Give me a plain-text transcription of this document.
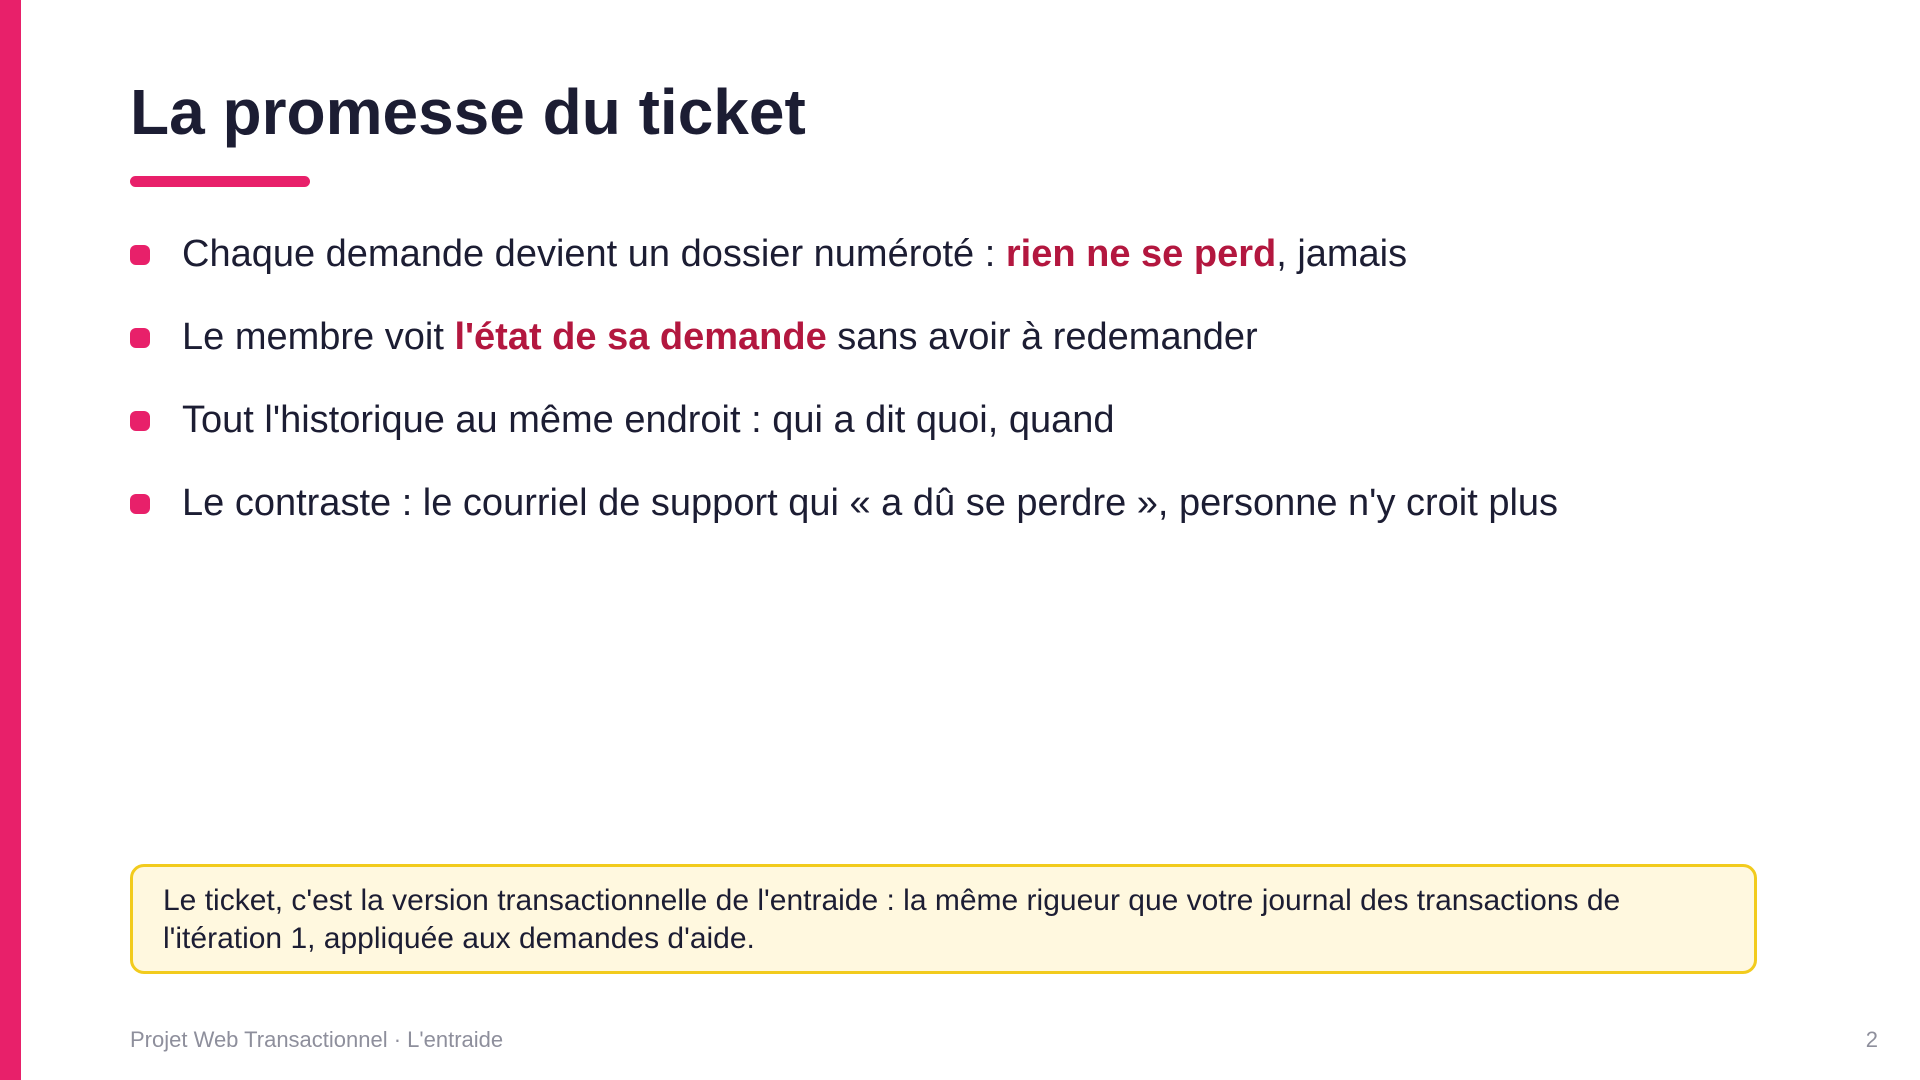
La promesse du ticket
Chaque demande devient un dossier numéroté : rien ne se perd, jamais
Le membre voit l'état de sa demande sans avoir à redemander
Tout l'historique au même endroit : qui a dit quoi, quand
Le contraste : le courriel de support qui « a dû se perdre », personne n'y croit plus
Le ticket, c'est la version transactionnelle de l'entraide : la même rigueur que votre journal des transactions de l'itération 1, appliquée aux demandes d'aide.
Projet Web Transactionnel · L'entraide	2
